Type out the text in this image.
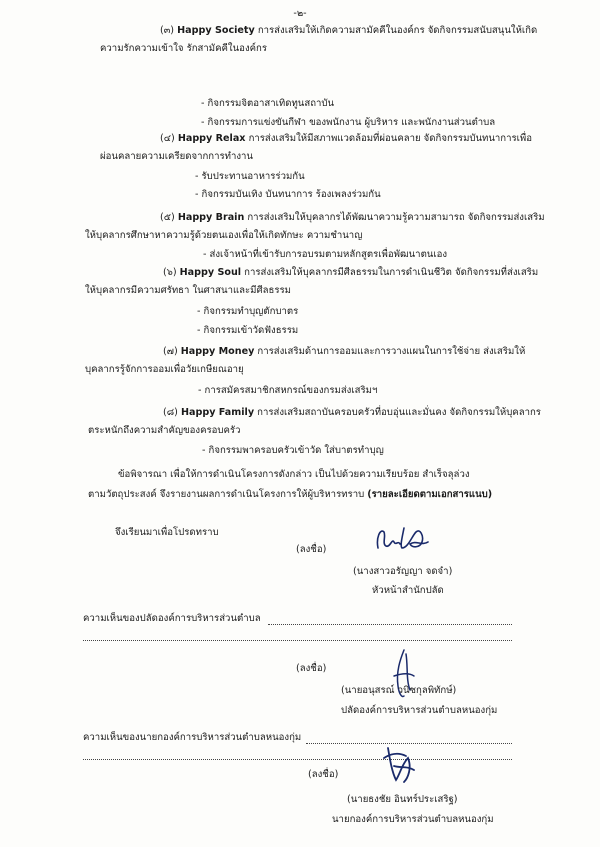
-๒-
(๓) Happy Society การส่งเสริมให้เกิดความสามัคคีในองค์กร จัดกิจกรรมสนับสนุนให้เกิด
ความรักความเข้าใจ รักสามัคคีในองค์กร
- กิจกรรมจิตอาสาเทิดทูนสถาบัน
- กิจกรรมการแข่งขันกีฬา ของพนักงาน ผู้บริหาร และพนักงานส่วนตำบล
(๔) Happy Relax การส่งเสริมให้มีสภาพแวดล้อมที่ผ่อนคลาย จัดกิจกรรมบันทนาการเพื่อ
ผ่อนคลายความเครียดจากการทำงาน
- รับประทานอาหารร่วมกัน
- กิจกรรมบันเทิง บันทนาการ ร้องเพลงร่วมกัน
(๕) Happy Brain การส่งเสริมให้บุคลากรได้พัฒนาความรู้ความสามารถ จัดกิจกรรมส่งเสริม
ให้บุคลากรศึกษาหาความรู้ด้วยตนเองเพื่อให้เกิดทักษะ ความชำนาญ
- ส่งเจ้าหน้าที่เข้ารับการอบรมตามหลักสูตรเพื่อพัฒนาตนเอง
(๖) Happy Soul การส่งเสริมให้บุคลากรมีศีลธรรมในการดำเนินชีวิต จัดกิจกรรมที่ส่งเสริม
ให้บุคลากรมีความศรัทธา ในศาสนาและมีศีลธรรม
- กิจกรรมทำบุญตักบาตร
- กิจกรรมเข้าวัดฟังธรรม
(๗) Happy Money การส่งเสริมด้านการออมและการวางแผนในการใช้จ่าย ส่งเสริมให้
บุคลากรรู้จักการออมเพื่อวัยเกษียณอายุ
- การสมัครสมาชิกสหกรณ์ของกรมส่งเสริมฯ
(๘) Happy Family การส่งเสริมสถาบันครอบครัวที่อบอุ่นและมั่นคง จัดกิจกรรมให้บุคลากร
ตระหนักถึงความสำคัญของครอบครัว
- กิจกรรมพาครอบครัวเข้าวัด ใส่บาตรทำบุญ
ข้อพิจารณา เพื่อให้การดำเนินโครงการดังกล่าว เป็นไปด้วยความเรียบร้อย สำเร็จลุล่วง
ตามวัตถุประสงค์ จึงรายงานผลการดำเนินโครงการให้ผู้บริหารทราบ (รายละเอียดตามเอกสารแนบ)
จึงเรียนมาเพื่อโปรดทราบ
(ลงชื่อ)
(นางสาวอรัญญา จดจำ)
หัวหน้าสำนักปลัด
ความเห็นของปลัดองค์การบริหารส่วนตำบล
(ลงชื่อ)
(นายอนุสรณ์ วนิชกุลพิทักษ์)
ปลัดองค์การบริหารส่วนตำบลหนองกุ่ม
ความเห็นของนายกองค์การบริหารส่วนตำบลหนองกุ่ม
(ลงชื่อ)
(นายธงชัย อินทร์ประเสริฐ)
นายกองค์การบริหารส่วนตำบลหนองกุ่ม
